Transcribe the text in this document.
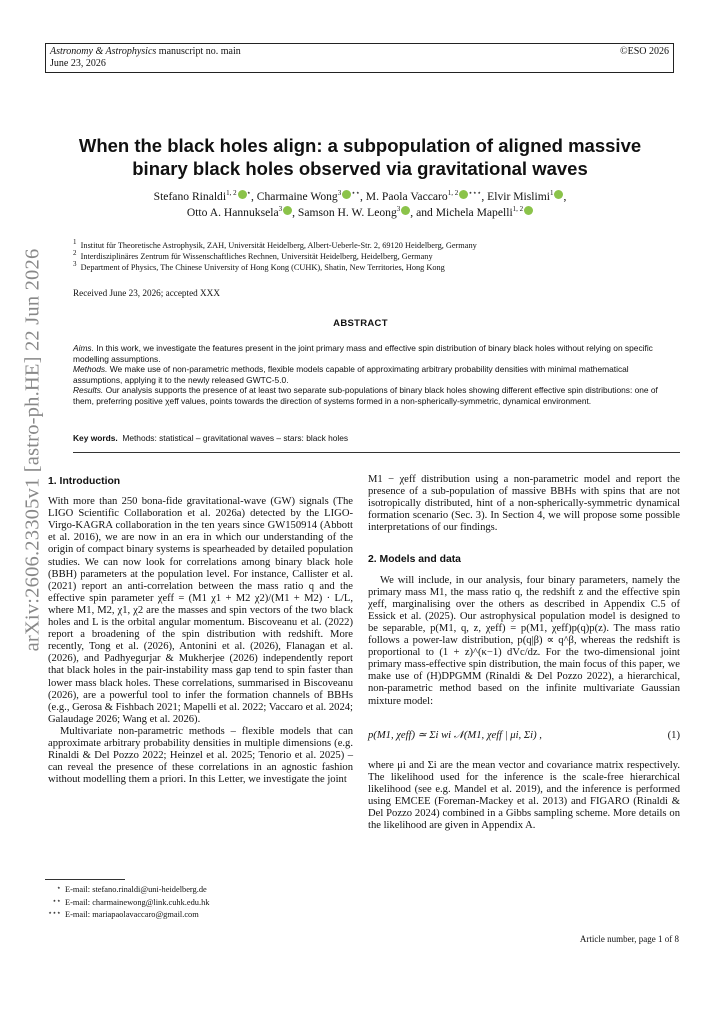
Astronomy & Astrophysics manuscript no. main
June 23, 2026
©ESO 2026
arXiv:2606.23305v1 [astro-ph.HE] 22 Jun 2026
When the black holes align: a subpopulation of aligned massive
binary black holes observed via gravitational waves
Stefano Rinaldi$^{1, 2}$ ⋆, Charmaine Wong$^3$ ⋆⋆, M. Paola Vaccaro$^{1, 2}$ ⋆⋆⋆, Elvir Mislimi$^1$ ,
Otto A. Hannuksela$^3$ , Samson H. W. Leong$^3$ , and Michela Mapelli$^{1, 2}$
$^1$ Institut für Theoretische Astrophysik, ZAH, Universität Heidelberg, Albert-Ueberle-Str. 2, 69120 Heidelberg, Germany
$^2$ Interdisziplinäres Zentrum für Wissenschaftliches Rechnen, Universität Heidelberg, Heidelberg, Germany
$^3$ Department of Physics, The Chinese University of Hong Kong (CUHK), Shatin, New Territories, Hong Kong
Received June 23, 2026; accepted XXX
ABSTRACT

Aims. In this work, we investigate the features present in the joint primary mass and effective spin distribution of binary black holes without relying on specific modelling assumptions.

Methods. We make use of non-parametric methods, flexible models capable of approximating arbitrary probability densities with minimal mathematical assumptions, applying it to the newly released GWTC-5.0.

Results. Our analysis supports the presence of at least two separate sub-populations of binary black holes showing different effective spin distributions: one of them, preferring positive χeff values, points towards the direction of systems formed in a non-spherically-symmetric, dynamical environment.

Key words. Methods: statistical – gravitational waves – stars: black holes
1. Introduction

With more than 250 bona-fide gravitational-wave (GW) signals (The LIGO Scientific Collaboration et al. 2026a) detected by the LIGO-Virgo-KAGRA collaboration in the ten years since GW150914 (Abbott et al. 2016), we are now in an era in which our understanding of the origin of compact binary systems is spearheaded by detailed population studies. We can now look for correlations among binary black hole (BBH) parameters at the population level. For instance, Callister et al. (2021) report an anti-correlation between the mass ratio q and the effective spin parameter χeff = (M1 χ1 + M2 χ2)/(M1 + M2) · L/L, where M1, M2, χ1, χ2 are the masses and spin vectors of the two black holes and L is the orbital angular momentum. Biscoveanu et al. (2022) report a broadening of the spin distribution with redshift. More recently, Tong et al. (2026), Antonini et al. (2026), Flanagan et al. (2026), and Padhyegurjar & Mukherjee (2026) independently report that black holes in the pair-instability mass gap tend to spin faster than lower mass black holes. These correlations, summarised in Biscoveanu (2026), are a powerful tool to infer the formation channels of BBHs (e.g., Gerosa & Fishbach 2021; Mapelli et al. 2022; Vaccaro et al. 2024; Galaudage 2026; Wang et al. 2026).

Multivariate non-parametric methods – flexible models that can approximate arbitrary probability densities in multiple dimensions (e.g. Rinaldi & Del Pozzo 2022; Heinzel et al. 2025; Tenorio et al. 2025) – can reveal the presence of these correlations in an agnostic fashion without modelling them a priori. In this Letter, we investigate the joint

M1 − χeff distribution using a non-parametric model and report the presence of a sub-population of massive BBHs with spins that are not isotropically distributed, hint of a non-spherically-symmetric dynamical formation scenario (Sec. 3). In Section 4, we will propose some possible interpretations of our findings.

2. Models and data

We will include, in our analysis, four binary parameters, namely the primary mass M1, the mass ratio q, the redshift z and the effective spin χeff, marginalising over the others as described in Appendix C.5 of Essick et al. (2025). Our astrophysical population model is designed to be separable, p(M1, q, z, χeff) = p(M1, χeff)p(q)p(z). The mass ratio follows a power-law distribution, p(q|β) ∝ q^β, whereas the redshift is proportional to (1 + z)^(κ−1) dVc/dz. For the two-dimensional joint primary mass-effective spin distribution, the main focus of this paper, we make use of (H)DPGMM (Rinaldi & Del Pozzo 2022), a hierarchical, non-parametric method based on the infinite multivariate Gaussian mixture model:

p(M1, χeff) ≃ Σi wi 𝒩(M1, χeff | μi, Σi) ,	(1)

where μi and Σi are the mean vector and covariance matrix respectively. The likelihood used for the inference is the scale-free hierarchical likelihood (see e.g. Mandel et al. 2019), and the inference is performed using EMCEE (Foreman-Mackey et al. 2013) and FIGARO (Rinaldi & Del Pozzo 2024) combined in a Gibbs sampling scheme. More details on the likelihood are given in Appendix A.

⋆ E-mail: stefano.rinaldi@uni-heidelberg.de
⋆⋆ E-mail: charmainewong@link.cuhk.edu.hk
⋆⋆⋆ E-mail: mariapaolavaccaro@gmail.com
Article number, page 1 of 8
